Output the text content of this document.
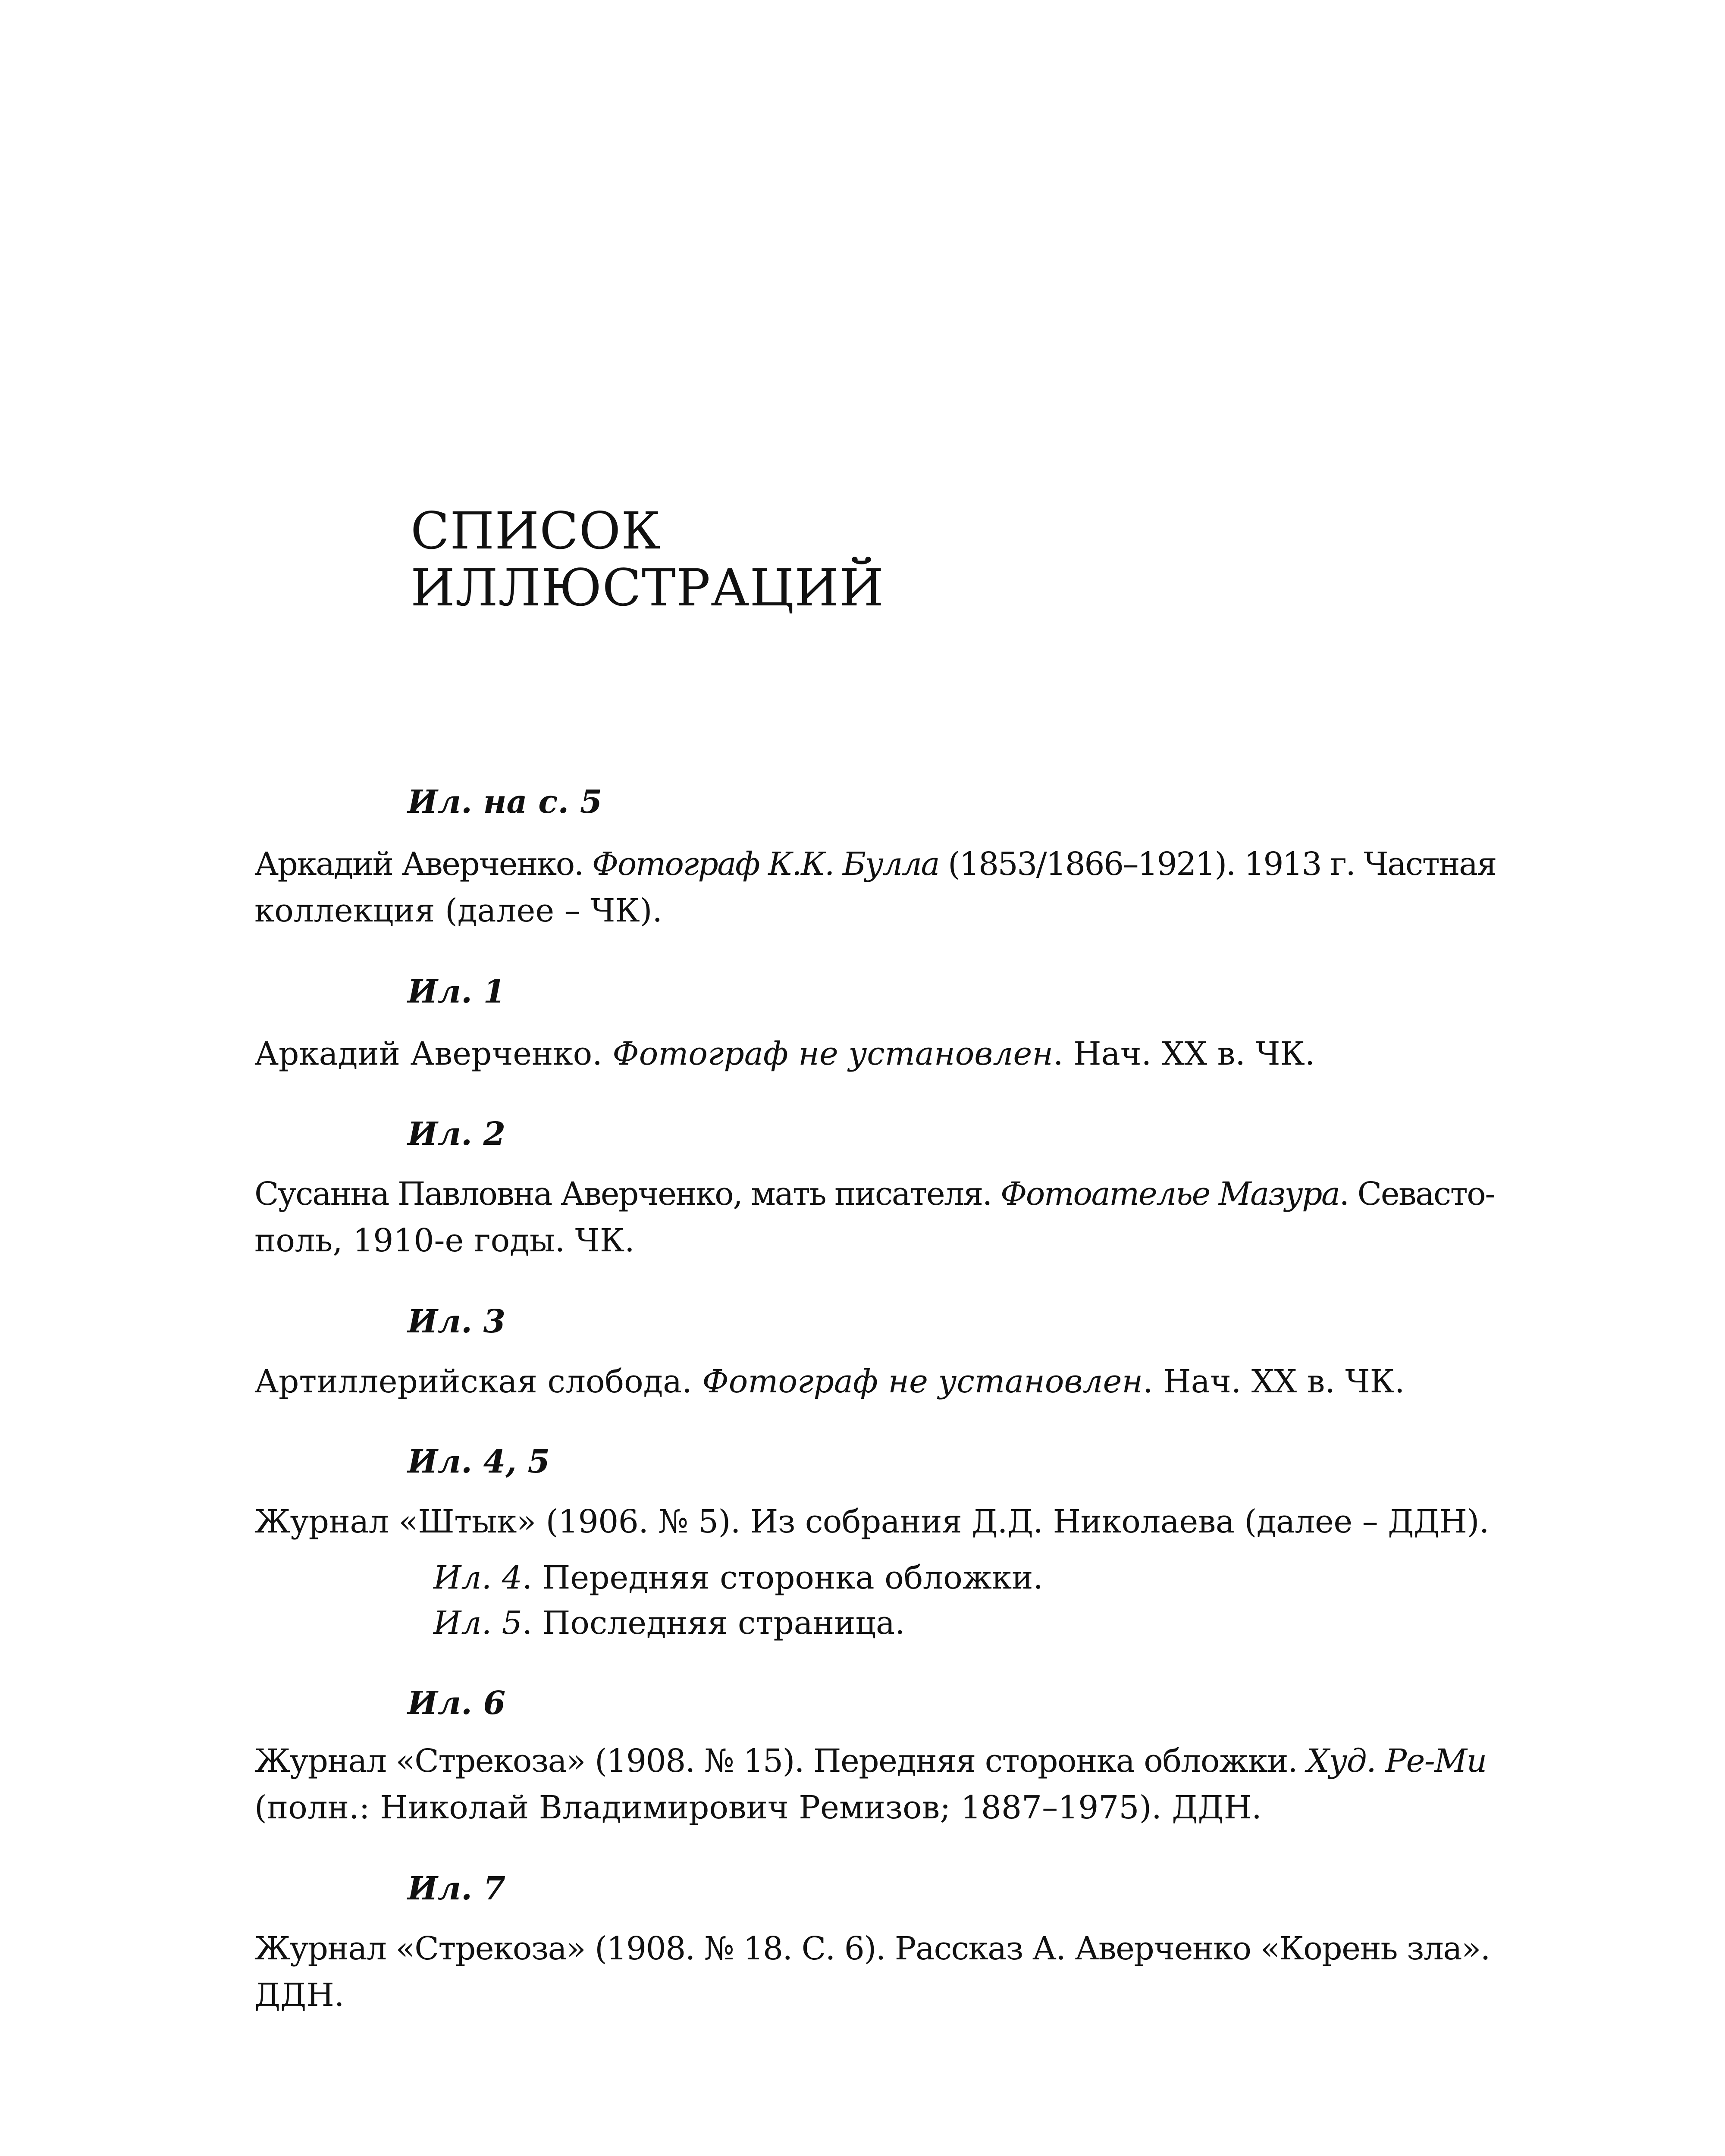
СПИСОК
ИЛЛЮСТРАЦИЙ
Ил. на с. 5
Аркадий Аверченко. Фотограф К.К. Булла (1853/1866–1921). 1913 г. Частная
коллекция (далее – ЧК).
Ил. 1
Аркадий Аверченко. Фотограф не установлен. Нач. XX в. ЧК.
Ил. 2
Сусанна Павловна Аверченко, мать писателя. Фотоателье Мазура. Севасто-
поль, 1910-е годы. ЧК.
Ил. 3
Артиллерийская слобода. Фотограф не установлен. Нач. XX в. ЧК.
Ил. 4, 5
Журнал «Штык» (1906. № 5). Из собрания Д.Д. Николаева (далее – ДДН).
Ил. 4. Передняя сторонка обложки.
Ил. 5. Последняя страница.
Ил. 6
Журнал «Стрекоза» (1908. № 15). Передняя сторонка обложки. Худ. Ре-Ми
(полн.: Николай Владимирович Ремизов; 1887–1975). ДДН.
Ил. 7
Журнал «Стрекоза» (1908. № 18. С. 6). Рассказ А. Аверченко «Корень зла».
ДДН.
